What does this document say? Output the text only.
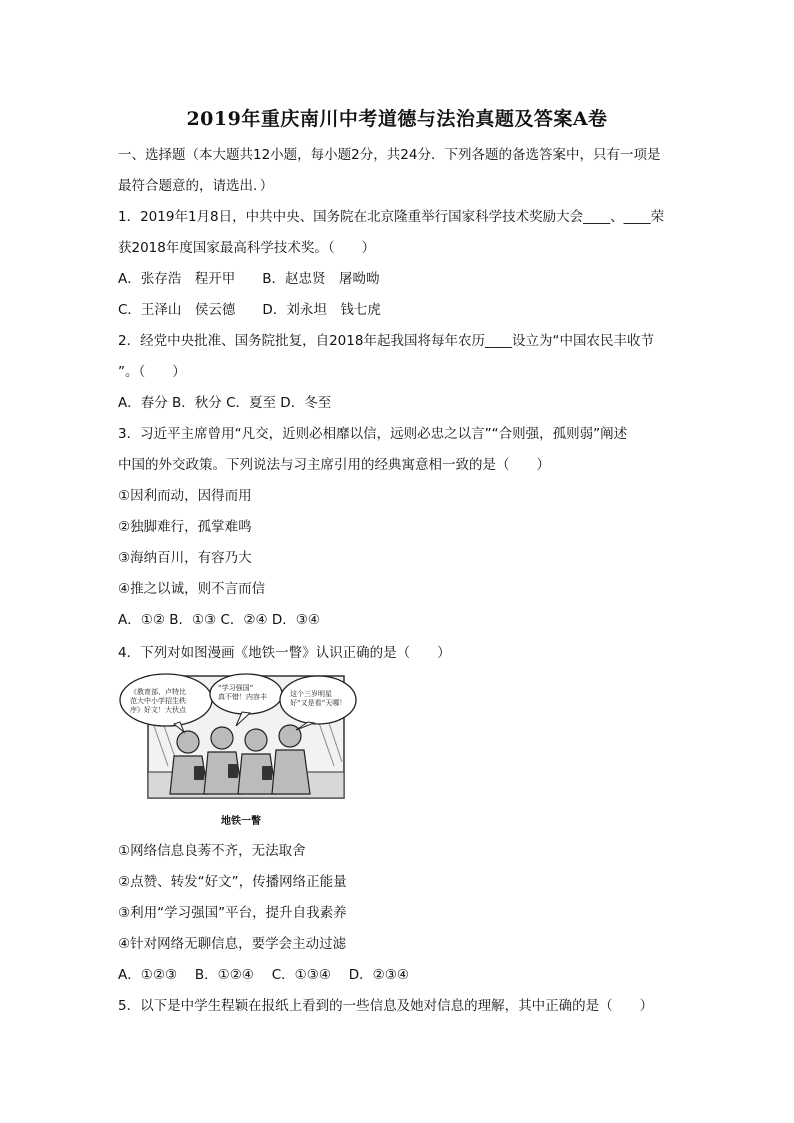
2019年重庆南川中考道德与法治真题及答案A卷
一、选择题（本大题共12小题，每小题2分，共24分．下列各题的备选答案中，只有一项是
最符合题意的，请选出．）
1．2019年1月8日，中共中央、国务院在北京隆重举行国家科学技术奖励大会____、____荣
获2018年度国家最高科学技术奖。（　　）
A．张存浩　程开甲　　B．赵忠贤　屠呦呦
C．王泽山　侯云德　　D．刘永坦　钱七虎
2．经党中央批准、国务院批复，自2018年起我国将每年农历____设立为“中国农民丰收节
”。（　　）
A．春分 B．秋分 C．夏至 D．冬至
3．习近平主席曾用“凡交，近则必相靡以信，远则必忠之以言”“合则强，孤则弱”阐述
中国的外交政策。下列说法与习主席引用的经典寓意相一致的是（　　）
①因利而动，因得而用
②独脚难行，孤掌难鸣
③海纳百川，有容乃大
④推之以诚，则不言而信
A．①② B．①③ C．②④ D．③④
4．下列对如图漫画《地铁一瞥》认识正确的是（　　）
《教育部、卢特比
范大中小学招生秩
序》好文！大伙点
“学习强国”
真不错！内容丰	这个三岁明星
好“又是看”天哪！
地铁一瞥
①网络信息良莠不齐，无法取舍
②点赞、转发“好文”，传播网络正能量
③利用“学习强国”平台，提升自我素养
④针对网络无聊信息，要学会主动过滤
A．①②③　 B．①②④　 C．①③④　 D．②③④
5．以下是中学生程颖在报纸上看到的一些信息及她对信息的理解，其中正确的是（　　）
